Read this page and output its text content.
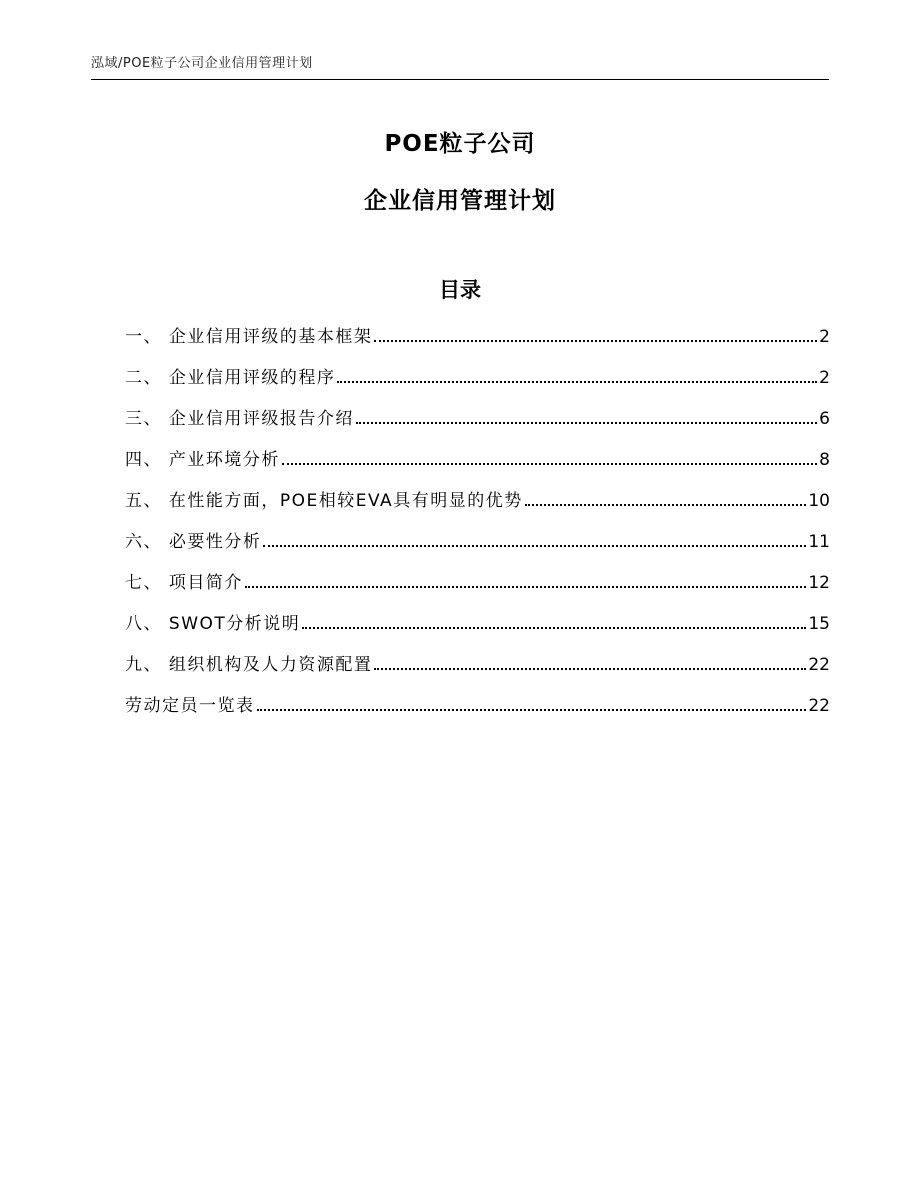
泓域/POE粒子公司企业信用管理计划
POE粒子公司
企业信用管理计划
目录
一、 企业信用评级的基本框架	2
二、 企业信用评级的程序	2
三、 企业信用评级报告介绍	6
四、 产业环境分析	8
五、 在性能方面，POE相较EVA具有明显的优势	10
六、 必要性分析	11
七、 项目简介	12
八、 SWOT分析说明	15
九、 组织机构及人力资源配置	22
劳动定员一览表	22
